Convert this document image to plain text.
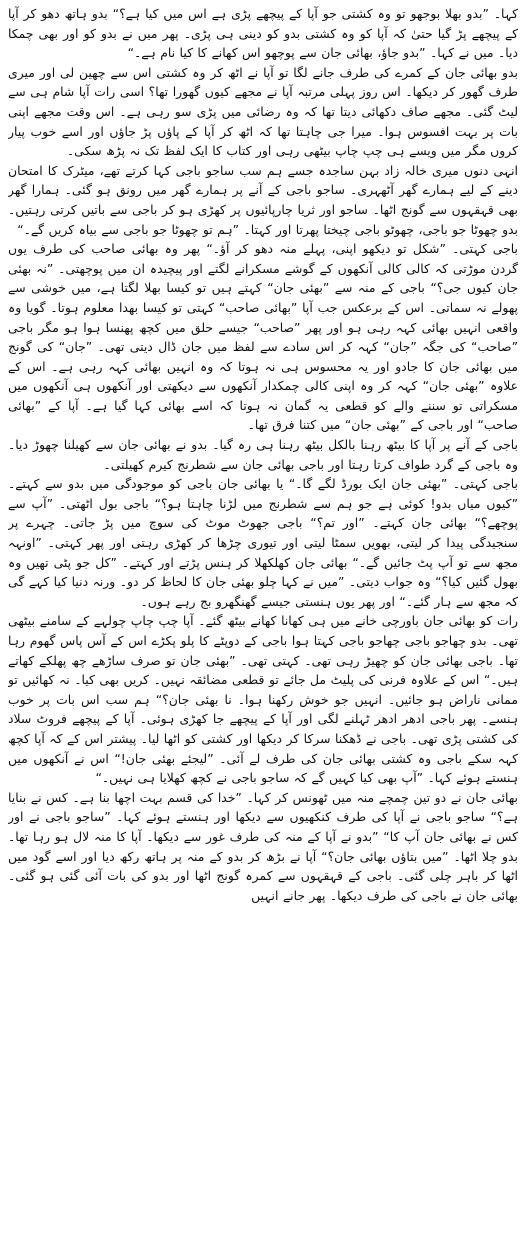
کہا۔ ”بدو بھلا بوجھو تو وہ کشتی جو آپا کے پیچھے پڑی ہے اس میں کیا ہے؟“ بدو ہاتھ دھو کر آپا کے پیچھے پڑ گیا حتیٰ کہ آپا کو وہ کشتی بدو کو دینی ہی پڑی۔ پھر میں نے بدو کو اور بھی چمکا دیا۔ میں نے کہا۔ ”بدو جاؤ، بھائی جان سے پوچھو اس کھانے کا کیا نام ہے۔“

بدو بھائی جان کے کمرے کی طرف جانے لگا تو آپا نے اٹھ کر وہ کشتی اس سے چھین لی اور میری طرف گھور کر دیکھا۔ اس روز پہلی مرتبہ آپا نے مجھے کیوں گھورا تھا؟ اسی رات آپا شام ہی سے لیٹ گئی۔ مجھے صاف دکھائی دیتا تھا کہ وہ رضائی میں پڑی سو رہی ہے۔ اس وقت مجھے اپنی بات پر بہت افسوس ہوا۔ میرا جی چاہتا تھا کہ اٹھ کر آپا کے پاؤں پڑ جاؤں اور اسے خوب پیار کروں مگر میں ویسے ہی چپ چاپ بیٹھی رہی اور کتاب کا ایک لفظ تک نہ پڑھ سکی۔

انہی دنوں میری خالہ زاد بہن ساجدہ جسے ہم سب ساجو باجی کہا کرتے تھے، میٹرک کا امتحان دینے کے لیے ہمارے گھر آٹھہری۔ ساجو باجی کے آنے پر ہمارے گھر میں رونق ہو گئی۔ ہمارا گھر بھی قہقہوں سے گونج اٹھا۔ ساجو اور ثریا چارپائیوں پر کھڑی ہو کر باجی سے باتیں کرتی رہتیں۔ بدو چھوٹا جو باجی، چھوٹو باجی چیختا پھرتا اور کہتا۔ ”ہم تو چھوٹا جو باجی سے بیاہ کریں گے۔“

باجی کہتی۔ ”شکل تو دیکھو اپنی، پہلے منہ دھو کر آؤ۔“ پھر وہ بھائی صاحب کی طرف یوں گردن موڑتی کہ کالی کالی آنکھوں کے گوشے مسکرانے لگتے اور پیچیدہ ان میں پوچھتی۔ ”نہ بھئی جان کیوں جی؟“ باجی کے منہ سے ”بھئی جان“ کہتے ہیں تو کیسا بھلا لگتا ہے، میں خوشی سے پھولے نہ سماتی۔ اس کے برعکس جب آپا ”بھائی صاحب“ کہتی تو کیسا بھدا معلوم ہوتا۔ گویا وہ واقعی انہیں بھائی کہہ رہی ہو اور پھر ”صاحب“ جیسے حلق میں کچھ پھنسا ہوا ہو مگر باجی ”صاحب“ کی جگہ ”جان“ کہہ کر اس سادے سے لفظ میں جان ڈال دیتی تھی۔ ”جان“ کی گونج میں بھائی جان کا جادو اور یہ محسوس ہی نہ ہوتا کہ وہ انہیں بھائی کہہ رہی ہے۔ اس کے علاوہ ”بھئی جان“ کہہ کر وہ اپنی کالی چمکدار آنکھوں سے دیکھتی اور آنکھوں ہی آنکھوں میں مسکراتی تو سننے والے کو قطعی یہ گمان نہ ہوتا کہ اسے بھائی کہا گیا ہے۔ آپا کے ”بھائی صاحب“ اور باجی کے ”بھئی جان“ میں کتنا فرق تھا۔

باجی کے آنے پر آپا کا بیٹھ رہنا بالکل بیٹھ رہنا ہی رہ گیا۔ بدو نے بھائی جان سے کھیلنا چھوڑ دیا۔ وہ باجی کے گرد طواف کرتا رہتا اور باجی بھائی جان سے شطرنج کیرم کھیلتی۔

باجی کہتی۔ ”بھئی جان ایک بورڈ لگے گا۔“ یا بھائی جان باجی کو موجودگی میں بدو سے کہتے۔ ”کیوں میاں بدو! کوئی ہے جو ہم سے شطرنج میں لڑنا چاہتا ہو؟“ باجی بول اٹھتی۔ ”آپ سے پوچھے؟“ بھائی جان کہتے۔ ”اور تم؟“ باجی جھوٹ موٹ کی سوچ میں پڑ جاتی۔ چہرے پر سنجیدگی پیدا کر لیتی، بھویں سمٹا لیتی اور تیوری چڑھا کر کھڑی رہتی اور پھر کہتی۔ ”اونہہ مجھ سے تو آپ پٹ جائیں گے۔“ بھائی جان کھلکھلا کر ہنس پڑتے اور کہتے۔ ”کل جو پٹی تھیں وہ بھول گئیں کیا؟“ وہ جواب دیتی۔ ”میں نے کہا چلو بھئی جان کا لحاظ کر دو۔ ورنہ دنیا کیا کہے گی کہ مجھ سے ہار گئے۔“ اور پھر یوں ہنستی جیسے گھنگھرو بج رہے ہوں۔

رات کو بھائی جان باورچی خانے میں ہی کھانا کھانے بیٹھ گئے۔ آپا چپ چاپ چولہے کے سامنے بیٹھی تھی۔ بدو چھاجو باجی چھاجو باجی کہتا ہوا باجی کے دوپٹے کا پلو پکڑے اس کے آس پاس گھوم رہا تھا۔ باجی بھائی جان کو چھیڑ رہی تھی۔ کہتی تھی۔ ”بھئی جان تو صرف ساڑھے چھ پھلکے کھاتے ہیں۔“ اس کے علاوہ فرنی کی پلیٹ مل جائے تو قطعی مضائقہ نہیں۔ کریں بھی کیا۔ نہ کھائیں تو ممانی ناراض ہو جائیں۔ انہیں جو خوش رکھنا ہوا۔ نا بھئی جان؟“ ہم سب اس بات پر خوب ہنسے۔ پھر باجی ادھر ادھر ٹہلنے لگی اور آپا کے پیچھے جا کھڑی ہوئی۔ آپا کے پیچھے فروٹ سلاد کی کشتی پڑی تھی۔ باجی نے ڈھکنا سرکا کر دیکھا اور کشتی کو اٹھا لیا۔ پیشتر اس کے کہ آپا کچھ کہہ سکے باجی وہ کشتی بھائی جان کی طرف لے آئی۔ ”لیجئے بھئی جان!“ اس نے آنکھوں میں ہنستے ہوئے کہا۔ ”آپ بھی کیا کہیں گے کہ ساجو باجی نے کچھ کھلایا ہی نہیں۔“

بھائی جان نے دو تین چمچے منہ میں ٹھونس کر کہا۔ ”خدا کی قسم بہت اچھا بنا ہے۔ کس نے بنایا ہے؟“ ساجو باجی نے آپا کی طرف کنکھیوں سے دیکھا اور ہنستے ہوئے کہا۔ ”ساجو باجی نے اور کس نے بھائی جان آپ کا“ ”بدو نے آپا کے منہ کی طرف غور سے دیکھا۔ آپا کا منہ لال ہو رہا تھا۔ بدو چلا اٹھا۔ ”میں بتاؤں بھائی جان؟“ آپا نے بڑھ کر بدو کے منہ پر ہاتھ رکھ دیا اور اسے گود میں اٹھا کر باہر چلی گئی۔ باجی کے قہقہوں سے کمرہ گونج اٹھا اور بدو کی بات آئی گئی ہو گئی۔ بھائی جان نے باجی کی طرف دیکھا۔ پھر جانے انہیں
